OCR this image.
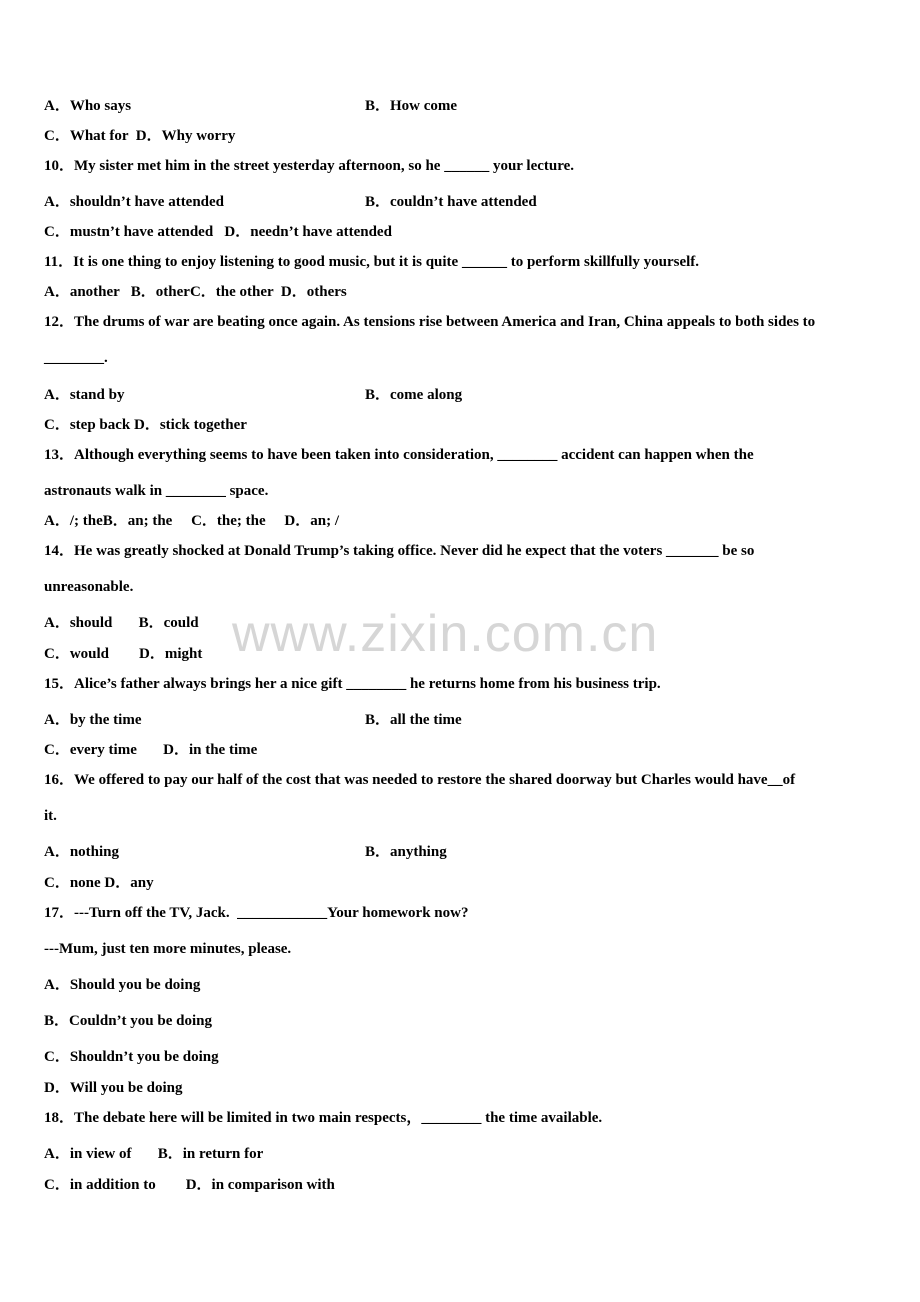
A．Who says	B．How come
C．What for  D．Why worry
10．My sister met him in the street yesterday afternoon, so he ______ your lecture.
A．shouldn’t have attended	B．couldn’t have attended
C．mustn’t have attended   D．needn’t have attended
11．It is one thing to enjoy listening to good music, but it is quite ______ to perform skillfully yourself.
A．another   B．otherC．the other  D．others
12．The drums of war are beating once again. As tensions rise between America and Iran, China appeals to both sides to
________.
A．stand by	B．come along
C．step back D．stick together
13．Although everything seems to have been taken into consideration, ________ accident can happen when the
astronauts walk in ________ space.
A．/; theB．an; the     C．the; the     D．an; /
14．He was greatly shocked at Donald Trump’s taking office. Never did he expect that the voters _______ be so
unreasonable.
A．should       B．could
C．would        D．might
15．Alice’s father always brings her a nice gift ________ he returns home from his business trip.
A．by the time	B．all the time
C．every time       D．in the time
16．We offered to pay our half of the cost that was needed to restore the shared doorway but Charles would have__of
it.
A．nothing	B．anything
C．none D．any
17．---Turn off the TV, Jack.  ____________Your homework now?
---Mum, just ten more minutes, please.
A．Should you be doing
B．Couldn’t you be doing
C．Shouldn’t you be doing
D．Will you be doing
18．The debate here will be limited in two main respects，________ the time available.
A．in view of       B．in return for
C．in addition to        D．in comparison with
www.zixin.com.cn
